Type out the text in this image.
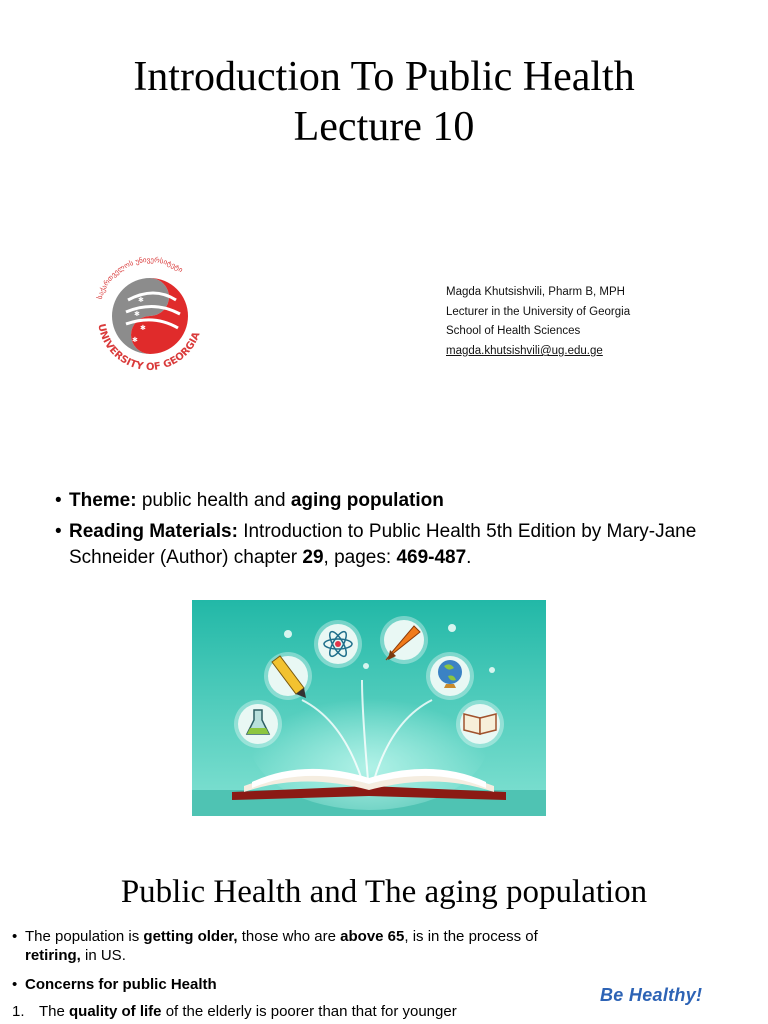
Introduction To Public Health
Lecture 10
UNIVERSITY OF GEORGIA
საქართველოს უნივერსიტეტი
✱
✱
✱
✱
Magda Khutsishvili, Pharm B, MPH
Lecturer in the University of Georgia
School of Health Sciences
magda.khutsishvili@ug.edu.ge
• Theme: public health and aging population
• Reading Materials: Introduction to Public Health 5th Edition by Mary-Jane Schneider (Author) chapter 29, pages: 469-487.
Public Health and The aging population
• The population is getting older, those who are above 65, is in the process of retiring, in US.
• Concerns for public Health
1. The quality of life of the elderly is poorer than that for younger
Be Healthy!
